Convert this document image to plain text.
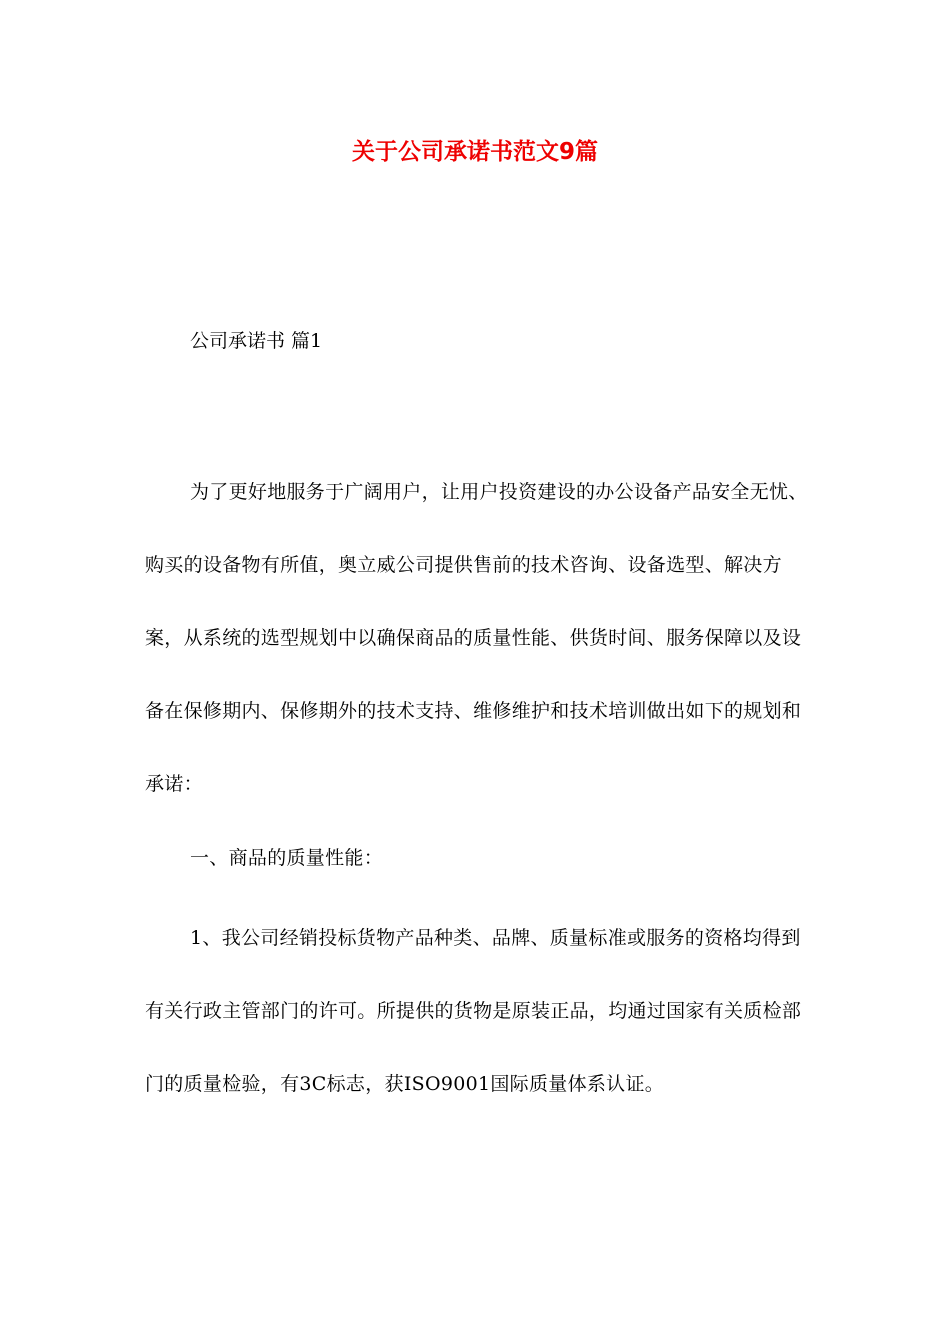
关于公司承诺书范文9篇

公司承诺书 篇1

为了更好地服务于广阔用户，让用户投资建设的办公设备产品安全无忧、购买的设备物有所值，奥立威公司提供售前的技术咨询、设备选型、解决方案，从系统的选型规划中以确保商品的质量性能、供货时间、服务保障以及设备在保修期内、保修期外的技术支持、维修维护和技术培训做出如下的规划和承诺：

一、商品的质量性能：

1、我公司经销投标货物产品种类、品牌、质量标准或服务的资格均得到有关行政主管部门的许可。所提供的货物是原装正品，均通过国家有关质检部门的质量检验，有3C标志，获ISO9001国际质量体系认证。
